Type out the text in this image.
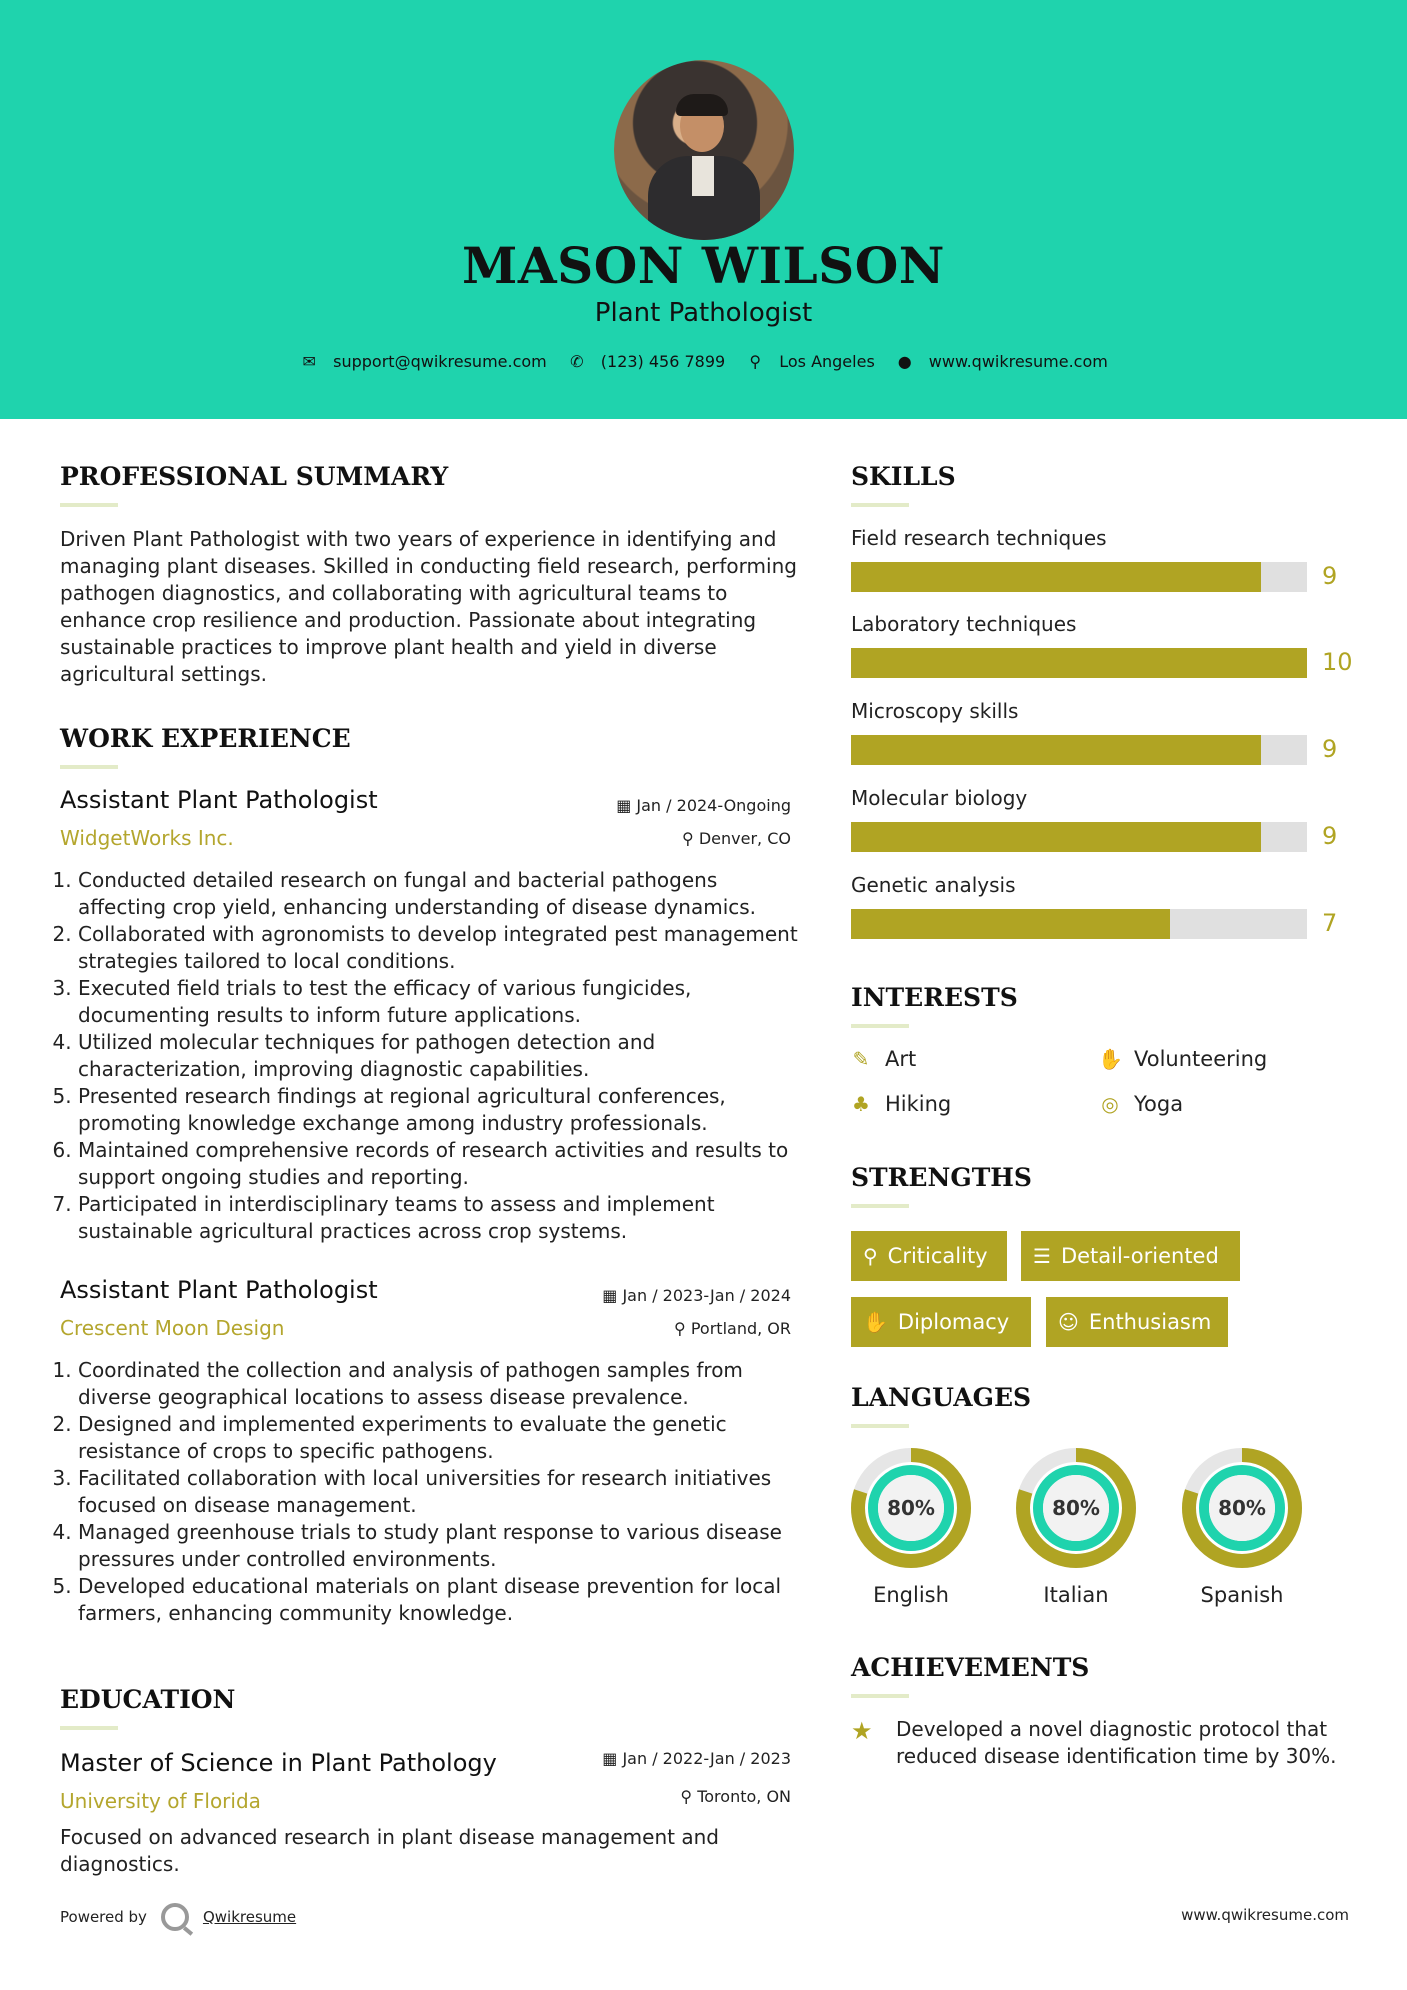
MASON WILSON
Plant Pathologist
✉ support@qwikresume.com ✆ (123) 456 7899 ⚲ Los Angeles ● www.qwikresume.com
PROFESSIONAL SUMMARY
Driven Plant Pathologist with two years of experience in identifying and managing plant diseases. Skilled in conducting field research, performing pathogen diagnostics, and collaborating with agricultural teams to enhance crop resilience and production. Passionate about integrating sustainable practices to improve plant health and yield in diverse agricultural settings.
WORK EXPERIENCE
Assistant Plant Pathologist
WidgetWorks Inc.
▦ Jan / 2024-Ongoing
⚲ Denver, CO
1. Conducted detailed research on fungal and bacterial pathogens affecting crop yield, enhancing understanding of disease dynamics.
2. Collaborated with agronomists to develop integrated pest management strategies tailored to local conditions.
3. Executed field trials to test the efficacy of various fungicides, documenting results to inform future applications.
4. Utilized molecular techniques for pathogen detection and characterization, improving diagnostic capabilities.
5. Presented research findings at regional agricultural conferences, promoting knowledge exchange among industry professionals.
6. Maintained comprehensive records of research activities and results to support ongoing studies and reporting.
7. Participated in interdisciplinary teams to assess and implement sustainable agricultural practices across crop systems.
Assistant Plant Pathologist
Crescent Moon Design
▦ Jan / 2023-Jan / 2024
⚲ Portland, OR
1. Coordinated the collection and analysis of pathogen samples from diverse geographical locations to assess disease prevalence.
2. Designed and implemented experiments to evaluate the genetic resistance of crops to specific pathogens.
3. Facilitated collaboration with local universities for research initiatives focused on disease management.
4. Managed greenhouse trials to study plant response to various disease pressures under controlled environments.
5. Developed educational materials on plant disease prevention for local farmers, enhancing community knowledge.
EDUCATION
Master of Science in Plant Pathology
University of Florida
▦ Jan / 2022-Jan / 2023
⚲ Toronto, ON
Focused on advanced research in plant disease management and diagnostics.
SKILLS
Field research techniques
9
Laboratory techniques
10
Microscopy skills
9
Molecular biology
9
Genetic analysis
7
INTERESTS
✎ Art	✋ Volunteering
♣ Hiking	◎ Yoga
STRENGTHS
⚲ Criticality ☰ Detail-oriented
✋ Diplomacy ☺ Enthusiasm
LANGUAGES
80%
English
80%
Italian
80%
Spanish
ACHIEVEMENTS
★ Developed a novel diagnostic protocol that reduced disease identification time by 30%.
Powered by	Qwikresume	www.qwikresume.com
